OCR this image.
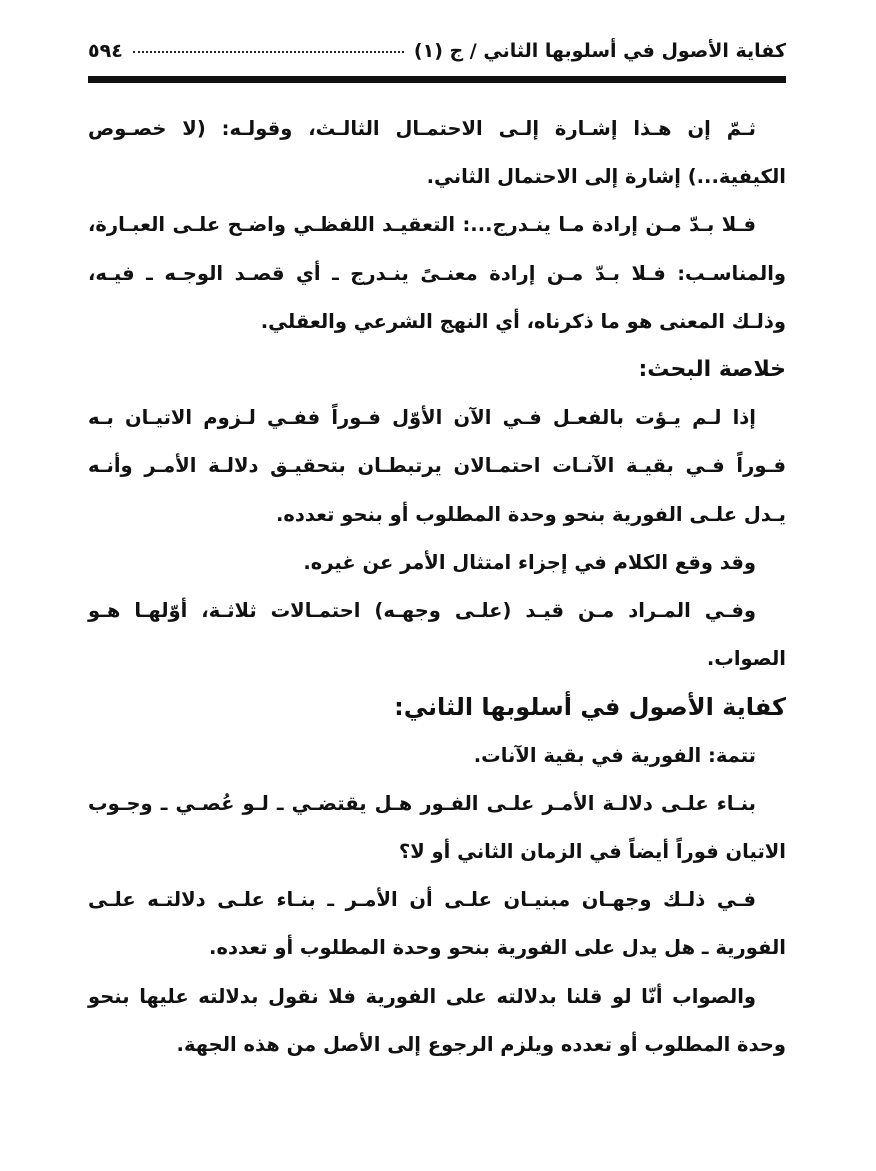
كفاية الأصول في أسلوبها الثاني / ج (١)
٥٩٤

ثـمّ إن هـذا إشـارة إلـى الاحتمـال الثالـث، وقولـه: (لا خصـوص الكيفية...) إشارة إلى الاحتمال الثاني.

فـلا بـدّ مـن إرادة مـا ينـدرج...: التعقيـد اللفظـي واضـح علـى العبـارة، والمناسـب: فـلا بـدّ مـن إرادة معنـىً ينـدرج ـ أي قصـد الوجـه ـ فيـه، وذلـك المعنى هو ما ذكرناه، أي النهج الشرعي والعقلي.

خلاصة البحث:

إذا لـم يـؤت بالفعـل فـي الآن الأوّل فـوراً ففـي لـزوم الاتيـان بـه فـوراً فـي بقيـة الآنـات احتمـالان يرتبطـان بتحقيـق دلالـة الأمـر وأنـه يـدل علـى الفورية بنحو وحدة المطلوب أو بنحو تعدده.

وقد وقع الكلام في إجزاء امتثال الأمر عن غيره.

وفـي المـراد مـن قيـد (علـى وجهـه) احتمـالات ثلاثـة، أوّلهـا هـو الصواب.

كفاية الأصول في أسلوبها الثاني:

تتمة: الفورية في بقية الآنات.

بنـاء علـى دلالـة الأمـر علـى الفـور هـل يقتضـي ـ لـو عُصـي ـ وجـوب الاتيان فوراً أيضاً في الزمان الثاني أو لا؟

فـي ذلـك وجهـان مبنيـان علـى أن الأمـر ـ بنـاء علـى دلالتـه علـى الفورية ـ هل يدل على الفورية بنحو وحدة المطلوب أو تعدده.

والصواب أنّا لو قلنا بدلالته على الفورية فلا نقول بدلالته عليها بنحو وحدة المطلوب أو تعدده ويلزم الرجوع إلى الأصل من هذه الجهة.
